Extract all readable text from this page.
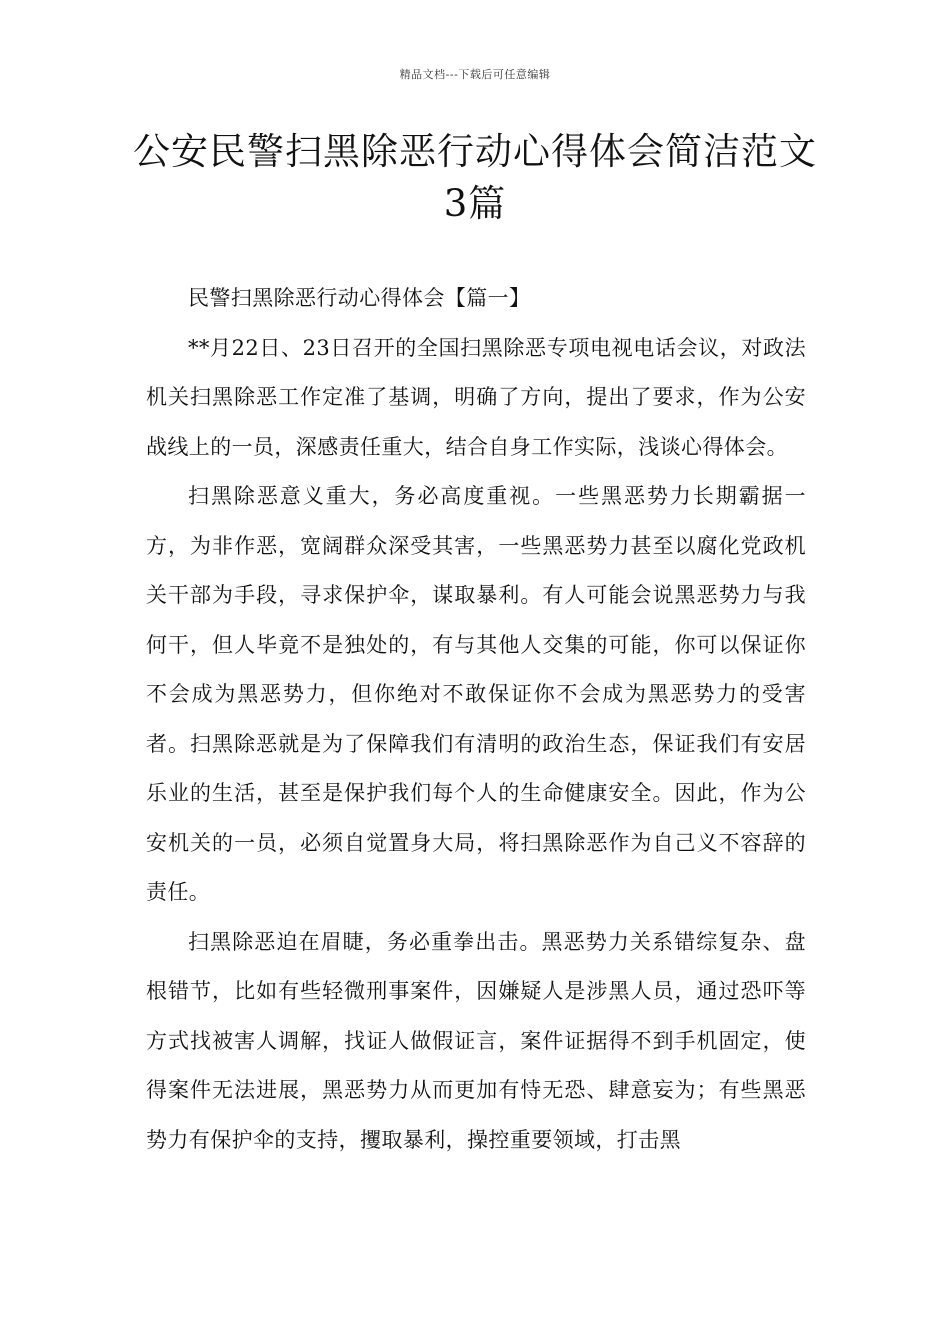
精品文档---下载后可任意编辑
公安民警扫黑除恶行动心得体会简洁范文3篇

民警扫黑除恶行动心得体会【篇一】

**月22日、23日召开的全国扫黑除恶专项电视电话会议，对政法机关扫黑除恶工作定准了基调，明确了方向，提出了要求，作为公安战线上的一员，深感责任重大，结合自身工作实际，浅谈心得体会。

扫黑除恶意义重大，务必高度重视。一些黑恶势力长期霸据一方，为非作恶，宽阔群众深受其害，一些黑恶势力甚至以腐化党政机关干部为手段，寻求保护伞，谋取暴利。有人可能会说黑恶势力与我何干，但人毕竟不是独处的，有与其他人交集的可能，你可以保证你不会成为黑恶势力，但你绝对不敢保证你不会成为黑恶势力的受害者。扫黑除恶就是为了保障我们有清明的政治生态，保证我们有安居乐业的生活，甚至是保护我们每个人的生命健康安全。因此，作为公安机关的一员，必须自觉置身大局，将扫黑除恶作为自己义不容辞的责任。

扫黑除恶迫在眉睫，务必重拳出击。黑恶势力关系错综复杂、盘根错节，比如有些轻微刑事案件，因嫌疑人是涉黑人员，通过恐吓等方式找被害人调解，找证人做假证言，案件证据得不到手机固定，使得案件无法进展，黑恶势力从而更加有恃无恐、肆意妄为；有些黑恶势力有保护伞的支持，攫取暴利，操控重要领域，打击黑
